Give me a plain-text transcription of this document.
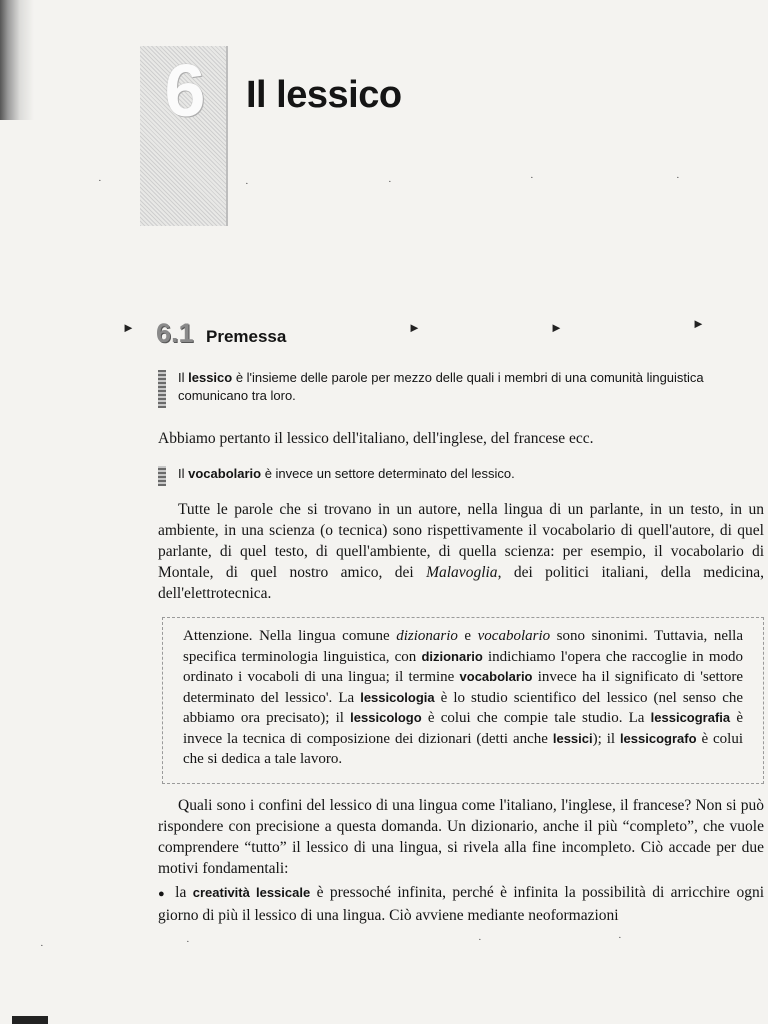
6	Il lessico
·	·	·	·	·
►	►	►	►
6.1 Premessa
Il lessico è l'insieme delle parole per mezzo delle quali i membri di una comunità linguistica comunicano tra loro.
Abbiamo pertanto il lessico dell'italiano, dell'inglese, del francese ecc.
Il vocabolario è invece un settore determinato del lessico.
Tutte le parole che si trovano in un autore, nella lingua di un parlante, in un testo, in un ambiente, in una scienza (o tecnica) sono rispettivamente il vocabolario di quell'autore, di quel parlante, di quel testo, di quell'ambiente, di quella scienza: per esempio, il vocabolario di Montale, di quel nostro amico, dei Malavoglia, dei politici italiani, della medicina, dell'elettrotecnica.
Attenzione. Nella lingua comune dizionario e vocabolario sono sinonimi. Tuttavia, nella specifica terminologia linguistica, con dizionario indichiamo l'opera che raccoglie in modo ordinato i vocaboli di una lingua; il termine vocabolario invece ha il significato di 'settore determinato del lessico'. La lessicologia è lo studio scientifico del lessico (nel senso che abbiamo ora precisato); il lessicologo è colui che compie tale studio. La lessicografia è invece la tecnica di composizione dei dizionari (detti anche lessici); il lessicografo è colui che si dedica a tale lavoro.
Quali sono i confini del lessico di una lingua come l'italiano, l'inglese, il francese? Non si può rispondere con precisione a questa domanda. Un dizionario, anche il più “completo”, che vuole comprendere “tutto” il lessico di una lingua, si rivela alla fine incompleto. Ciò accade per due motivi fondamentali:
● la creatività lessicale è pressoché infinita, perché è infinita la possibilità di arricchire ogni giorno di più il lessico di una lingua. Ciò avviene mediante neoformazioni
·	·	·
·
